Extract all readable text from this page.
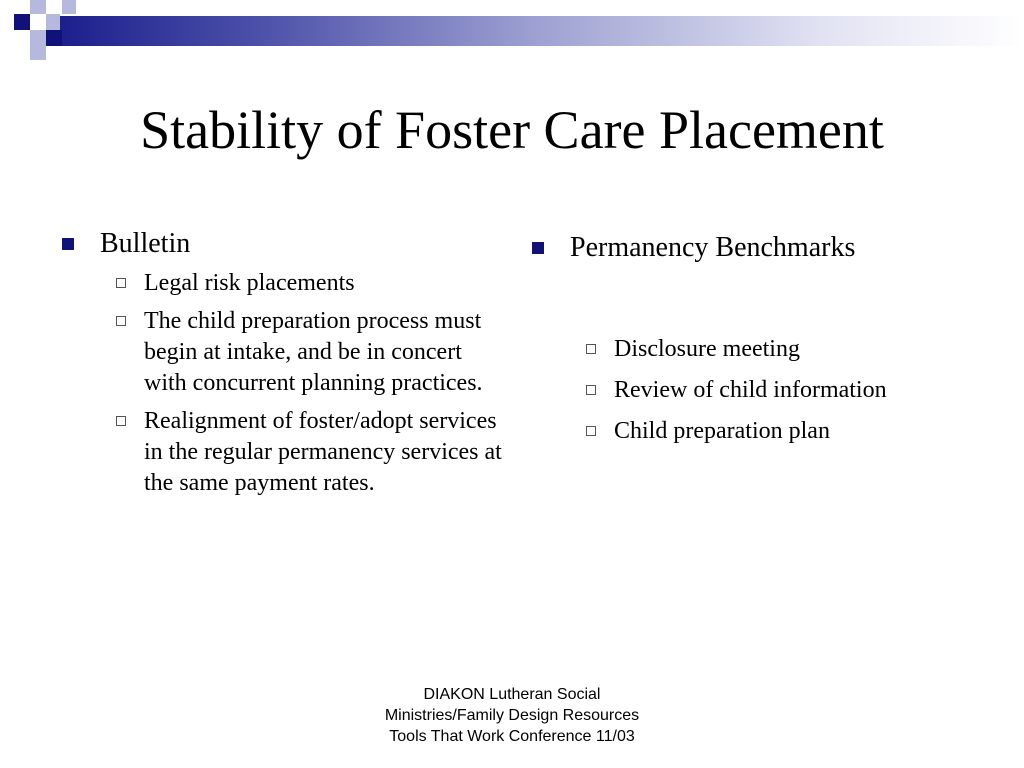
Stability of Foster Care Placement
Bulletin
Legal risk placements
The child preparation process must begin at intake, and be in concert with concurrent planning practices.
Realignment of foster/adopt services in the regular permanency services at the same payment rates.
Permanency Benchmarks
Disclosure meeting
Review of child information
Child preparation plan
DIAKON Lutheran Social
Ministries/Family Design Resources
Tools That Work Conference 11/03
